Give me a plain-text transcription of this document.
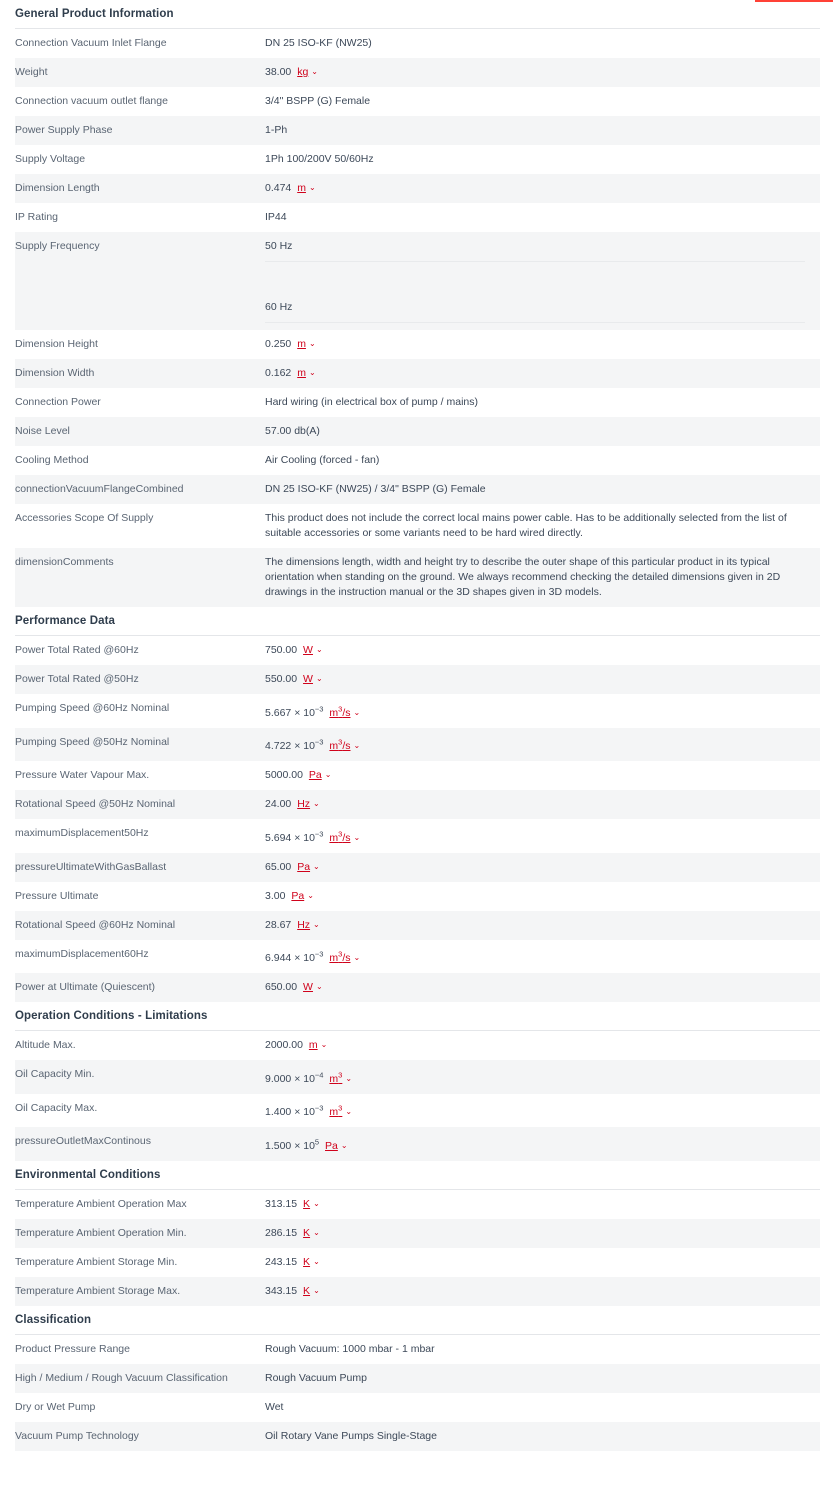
General Product Information
Connection Vacuum Inlet Flange	DN 25 ISO-KF (NW25)

Weight	38.00 kg ⌄
Connection vacuum outlet flange	3/4" BSPP (G) Female

Power Supply Phase	1-Ph

Supply Voltage	1Ph 100/200V 50/60Hz

Dimension Length	0.474 m ⌄
IP Rating	IP44

Supply Frequency	50 Hz
60 Hz

Dimension Height	0.250 m ⌄
Dimension Width	0.162 m ⌄
Connection Power	Hard wiring (in electrical box of pump / mains)

Noise Level	57.00 db(A)

Cooling Method	Air Cooling (forced - fan)

connectionVacuumFlangeCombined	DN 25 ISO-KF (NW25) / 3/4" BSPP (G) Female

Accessories Scope Of Supply	This product does not include the correct local mains power cable. Has to be additionally selected from the list of suitable accessories or some variants need to be hard wired directly.

dimensionComments	The dimensions length, width and height try to describe the outer shape of this particular product in its typical orientation when standing on the ground. We always recommend checking the detailed dimensions given in 2D drawings in the instruction manual or the 3D shapes given in 3D models.
Performance Data
Power Total Rated @60Hz	750.00 W ⌄
Power Total Rated @50Hz	550.00 W ⌄
Pumping Speed @60Hz Nominal	$5.667 \times 10^{-3}$ $m^3/s$ ⌄
Pumping Speed @50Hz Nominal	$4.722 \times 10^{-3}$ $m^3/s$ ⌄
Pressure Water Vapour Max.	5000.00 Pa ⌄
Rotational Speed @50Hz Nominal	24.00 Hz ⌄
maximumDisplacement50Hz	$5.694 \times 10^{-3}$ $m^3/s$ ⌄
pressureUltimateWithGasBallast	65.00 Pa ⌄
Pressure Ultimate	3.00 Pa ⌄
Rotational Speed @60Hz Nominal	28.67 Hz ⌄
maximumDisplacement60Hz	$6.944 \times 10^{-3}$ $m^3/s$ ⌄
Power at Ultimate (Quiescent)	650.00 W ⌄
Operation Conditions - Limitations
Altitude Max.	2000.00 m ⌄
Oil Capacity Min.	$9.000 \times 10^{-4}$ $m^3$ ⌄
Oil Capacity Max.	$1.400 \times 10^{-3}$ $m^3$ ⌄
pressureOutletMaxContinous	$1.500 \times 10^5$ Pa ⌄
Environmental Conditions
Temperature Ambient Operation Max	313.15 K ⌄
Temperature Ambient Operation Min.	286.15 K ⌄
Temperature Ambient Storage Min.	243.15 K ⌄
Temperature Ambient Storage Max.	343.15 K ⌄
Classification
Product Pressure Range	Rough Vacuum: 1000 mbar - 1 mbar

High / Medium / Rough Vacuum Classification	Rough Vacuum Pump

Dry or Wet Pump	Wet

Vacuum Pump Technology	Oil Rotary Vane Pumps Single-Stage
